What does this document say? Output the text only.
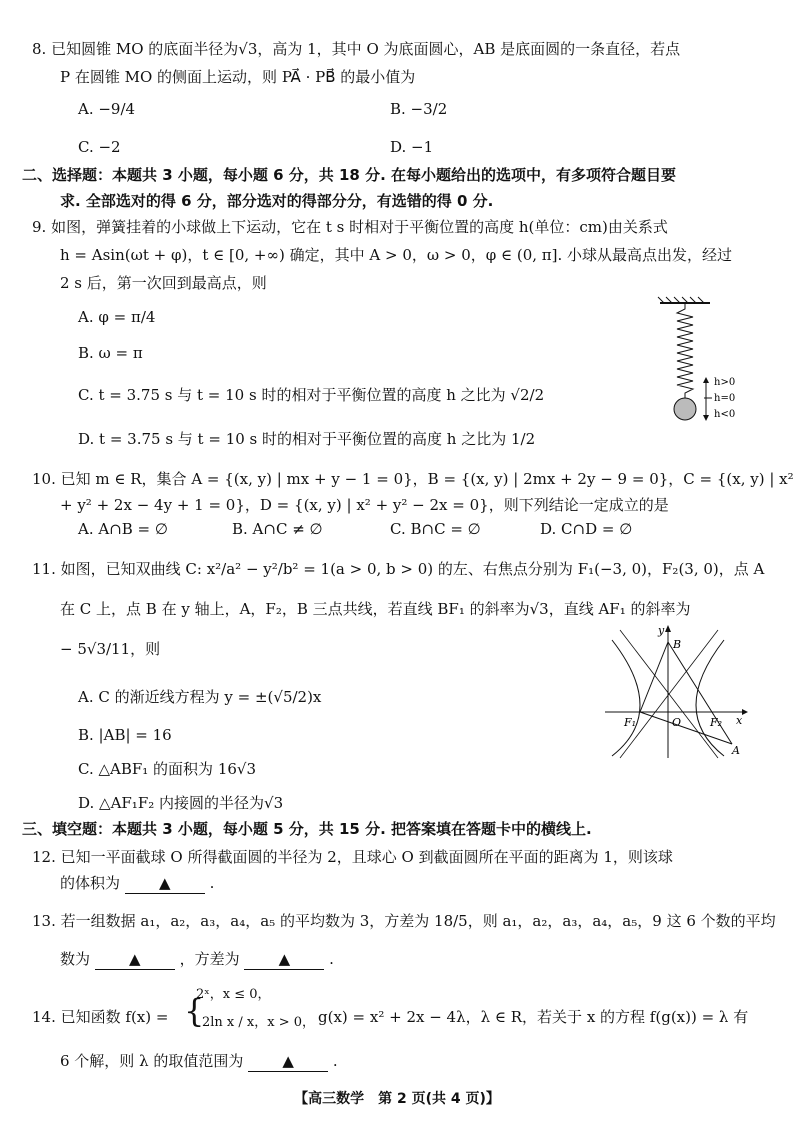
8. 已知圆锥 MO 的底面半径为√3，高为 1，其中 O 为底面圆心，AB 是底面圆的一条直径，若点
P 在圆锥 MO 的侧面上运动，则 PA⃗ · PB⃗ 的最小值为
A. −9/4	B. −3/2
C. −2	D. −1
二、选择题：本题共 3 小题，每小题 6 分，共 18 分. 在每小题给出的选项中，有多项符合题目要
求. 全部选对的得 6 分，部分选对的得部分分，有选错的得 0 分.
9. 如图，弹簧挂着的小球做上下运动，它在 t s 时相对于平衡位置的高度 h(单位：cm)由关系式
h = Asin(ωt + φ)，t ∈ [0, +∞) 确定，其中 A > 0，ω > 0，φ ∈ (0, π]. 小球从最高点出发，经过
2 s 后，第一次回到最高点，则
A. φ = π/4
B. ω = π
C. t = 3.75 s 与 t = 10 s 时的相对于平衡位置的高度 h 之比为 √2/2
D. t = 3.75 s 与 t = 10 s 时的相对于平衡位置的高度 h 之比为 1/2
h>0
h=0
h<0
10. 已知 m ∈ R，集合 A = {(x, y) | mx + y − 1 = 0}，B = {(x, y) | 2mx + 2y − 9 = 0}，C = {(x, y) | x²
+ y² + 2x − 4y + 1 = 0}，D = {(x, y) | x² + y² − 2x = 0}，则下列结论一定成立的是
A. A∩B = ∅	B. A∩C ≠ ∅	C. B∩C = ∅	D. C∩D = ∅
11. 如图，已知双曲线 C: x²/a² − y²/b² = 1(a > 0, b > 0) 的左、右焦点分别为 F₁(−3, 0)，F₂(3, 0)，点 A
在 C 上，点 B 在 y 轴上，A，F₂，B 三点共线，若直线 BF₁ 的斜率为√3，直线 AF₁ 的斜率为
− 5√3/11，则
A. C 的渐近线方程为 y = ±(√5/2)x
B. |AB| = 16
C. △ABF₁ 的面积为 16√3
D. △AF₁F₂ 内接圆的半径为√3
y
B
F₁	O	F₂ x
A
三、填空题：本题共 3 小题，每小题 5 分，共 15 分. 把答案填在答题卡中的横线上.
12. 已知一平面截球 O 所得截面圆的半径为 2，且球心 O 到截面圆所在平面的距离为 1，则该球
的体积为	▲	.
13. 若一组数据 a₁，a₂，a₃，a₄，a₅ 的平均数为 3，方差为 18/5，则 a₁，a₂，a₃，a₄，a₅，9 这 6 个数的平均
数为	▲	，方差为	▲	.
2ˣ，x ≤ 0，
14. 已知函数 f(x) = {
2ln x / x，x > 0， g(x) = x² + 2x − 4λ，λ ∈ R，若关于 x 的方程 f(g(x)) = λ 有
6 个解，则 λ 的取值范围为	▲	.
【高三数学　第 2 页(共 4 页)】
